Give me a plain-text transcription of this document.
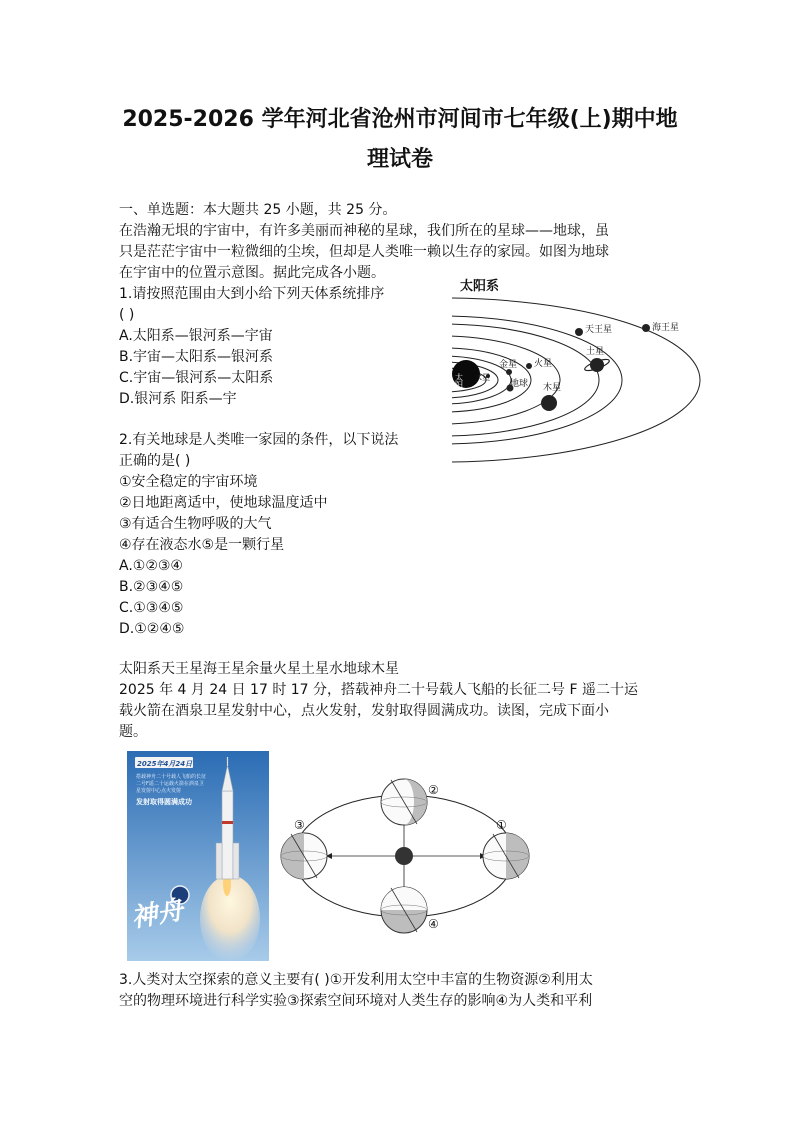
2025-2026 学年河北省沧州市河间市七年级(上)期中地
理试卷
一、单选题：本大题共 25 小题，共 25 分。
在浩瀚无垠的宇宙中，有许多美丽而神秘的星球，我们所在的星球——地球，虽
只是茫茫宇宙中一粒微细的尘埃，但却是人类唯一赖以生存的家园。如图为地球
在宇宙中的位置示意图。据此完成各小题。
1.请按照范围由大到小给下列天体系统排序
( )
A.太阳系—银河系—宇宙
B.宇宙—太阳系—银河系
C.宇宙—银河系—太阳系
D.银河系 阳系—宇
2.有关地球是人类唯一家园的条件，以下说法
正确的是( )
①安全稳定的宇宙环境
②日地距离适中，使地球温度适中
③有适合生物呼吸的大气
④存在液态水⑤是一颗行星
A.①②③④
B.②③④⑤
C.①③④⑤
D.①②④⑤
太阳系
太阳 水星
金星
地球
火星
木星
土星
天王星	海王星
太阳系天王星海王星余量火星土星水地球木星
2025 年 4 月 24 日 17 时 17 分，搭载神舟二十号载人飞船的长征二号 F 遥二十运
载火箭在酒泉卫星发射中心，点火发射，发射取得圆满成功。读图，完成下面小
题。
2025年4月24日
搭载神舟二十号载人飞船的长征
二号F遥二十运载火箭在酒泉卫
星发射中心点火发射
发射取得圆满成功
神舟
①
②
③
④
3.人类对太空探索的意义主要有( )①开发利用太空中丰富的生物资源②利用太
空的物理环境进行科学实验③探索空间环境对人类生存的影响④为人类和平利
